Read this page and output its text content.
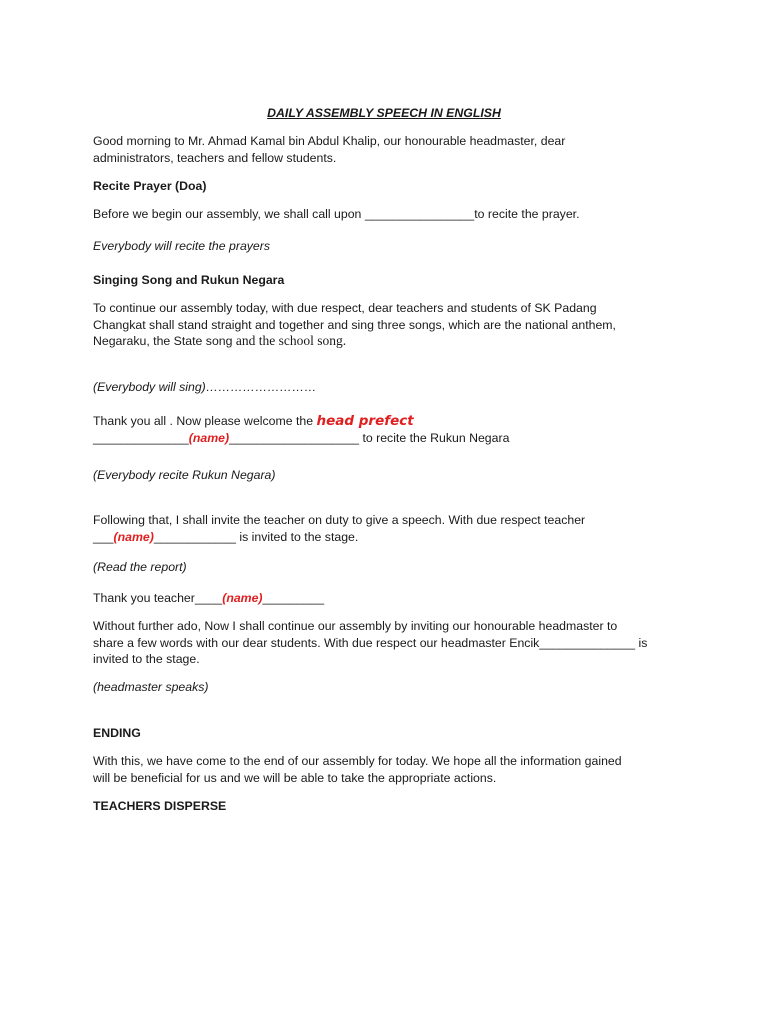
DAILY ASSEMBLY SPEECH IN ENGLISH

Good morning to Mr. Ahmad Kamal bin Abdul Khalip, our honourable headmaster, dear
administrators, teachers and fellow students.

Recite Prayer (Doa)

Before we begin our assembly, we shall call upon ________________to recite the prayer.

Everybody will recite the prayers

Singing Song and Rukun Negara

To continue our assembly today, with due respect, dear teachers and students of SK Padang
Changkat shall stand straight and together and sing three songs, which are the national anthem,
Negaraku, the State song and the school song.

(Everybody will sing)………………………

Thank you all . Now please welcome the head prefect
______________(name)___________________ to recite the Rukun Negara

(Everybody recite Rukun Negara)

Following that, I shall invite the teacher on duty to give a speech. With due respect teacher
___(name)____________ is invited to the stage.

(Read the report)

Thank you teacher____(name)_________

Without further ado, Now I shall continue our assembly by inviting our honourable headmaster to
share a few words with our dear students. With due respect our headmaster Encik______________ is
invited to the stage.

(headmaster speaks)

ENDING

With this, we have come to the end of our assembly for today. We hope all the information gained
will be beneficial for us and we will be able to take the appropriate actions.

TEACHERS DISPERSE
